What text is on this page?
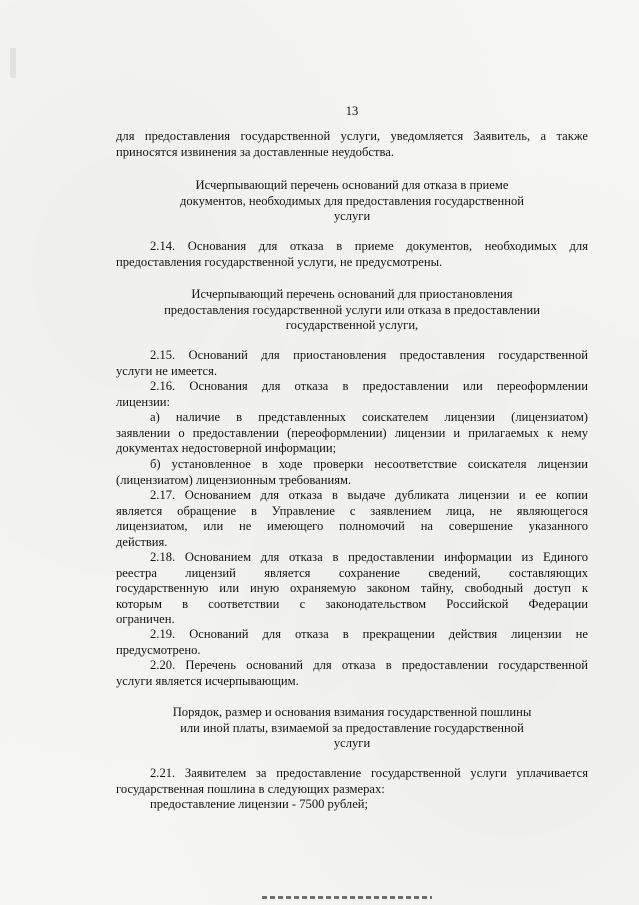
13
для предоставления государственной услуги, уведомляется Заявитель, а также
приносятся извинения за доставленные неудобства.
Исчерпывающий перечень оснований для отказа в приеме
документов, необходимых для предоставления государственной
услуги
2.14. Основания для отказа в приеме документов, необходимых для
предоставления государственной услуги, не предусмотрены.
Исчерпывающий перечень оснований для приостановления
предоставления государственной услуги или отказа в предоставлении
государственной услуги,
2.15. Оснований для приостановления предоставления государственной
услуги не имеется.
2.16. Основания для отказа в предоставлении или переоформлении
лицензии:
а) наличие в представленных соискателем лицензии (лицензиатом)
заявлении о предоставлении (переоформлении) лицензии и прилагаемых к нему
документах недостоверной информации;
б) установленное в ходе проверки несоответствие соискателя лицензии
(лицензиатом) лицензионным требованиям.
2.17. Основанием для отказа в выдаче дубликата лицензии и ее копии
является обращение в Управление с заявлением лица, не являющегося
лицензиатом, или не имеющего полномочий на совершение указанного
действия.
2.18. Основанием для отказа в предоставлении информации из Единого
реестра лицензий является сохранение сведений, составляющих
государственную или иную охраняемую законом тайну, свободный доступ к
которым в соответствии с законодательством Российской Федерации
ограничен.
2.19. Оснований для отказа в прекращении действия лицензии не
предусмотрено.
2.20. Перечень оснований для отказа в предоставлении государственной
услуги является исчерпывающим.
Порядок, размер и основания взимания государственной пошлины
или иной платы, взимаемой за предоставление государственной
услуги
2.21. Заявителем за предоставление государственной услуги уплачивается
государственная пошлина в следующих размерах:
предоставление лицензии - 7500 рублей;
